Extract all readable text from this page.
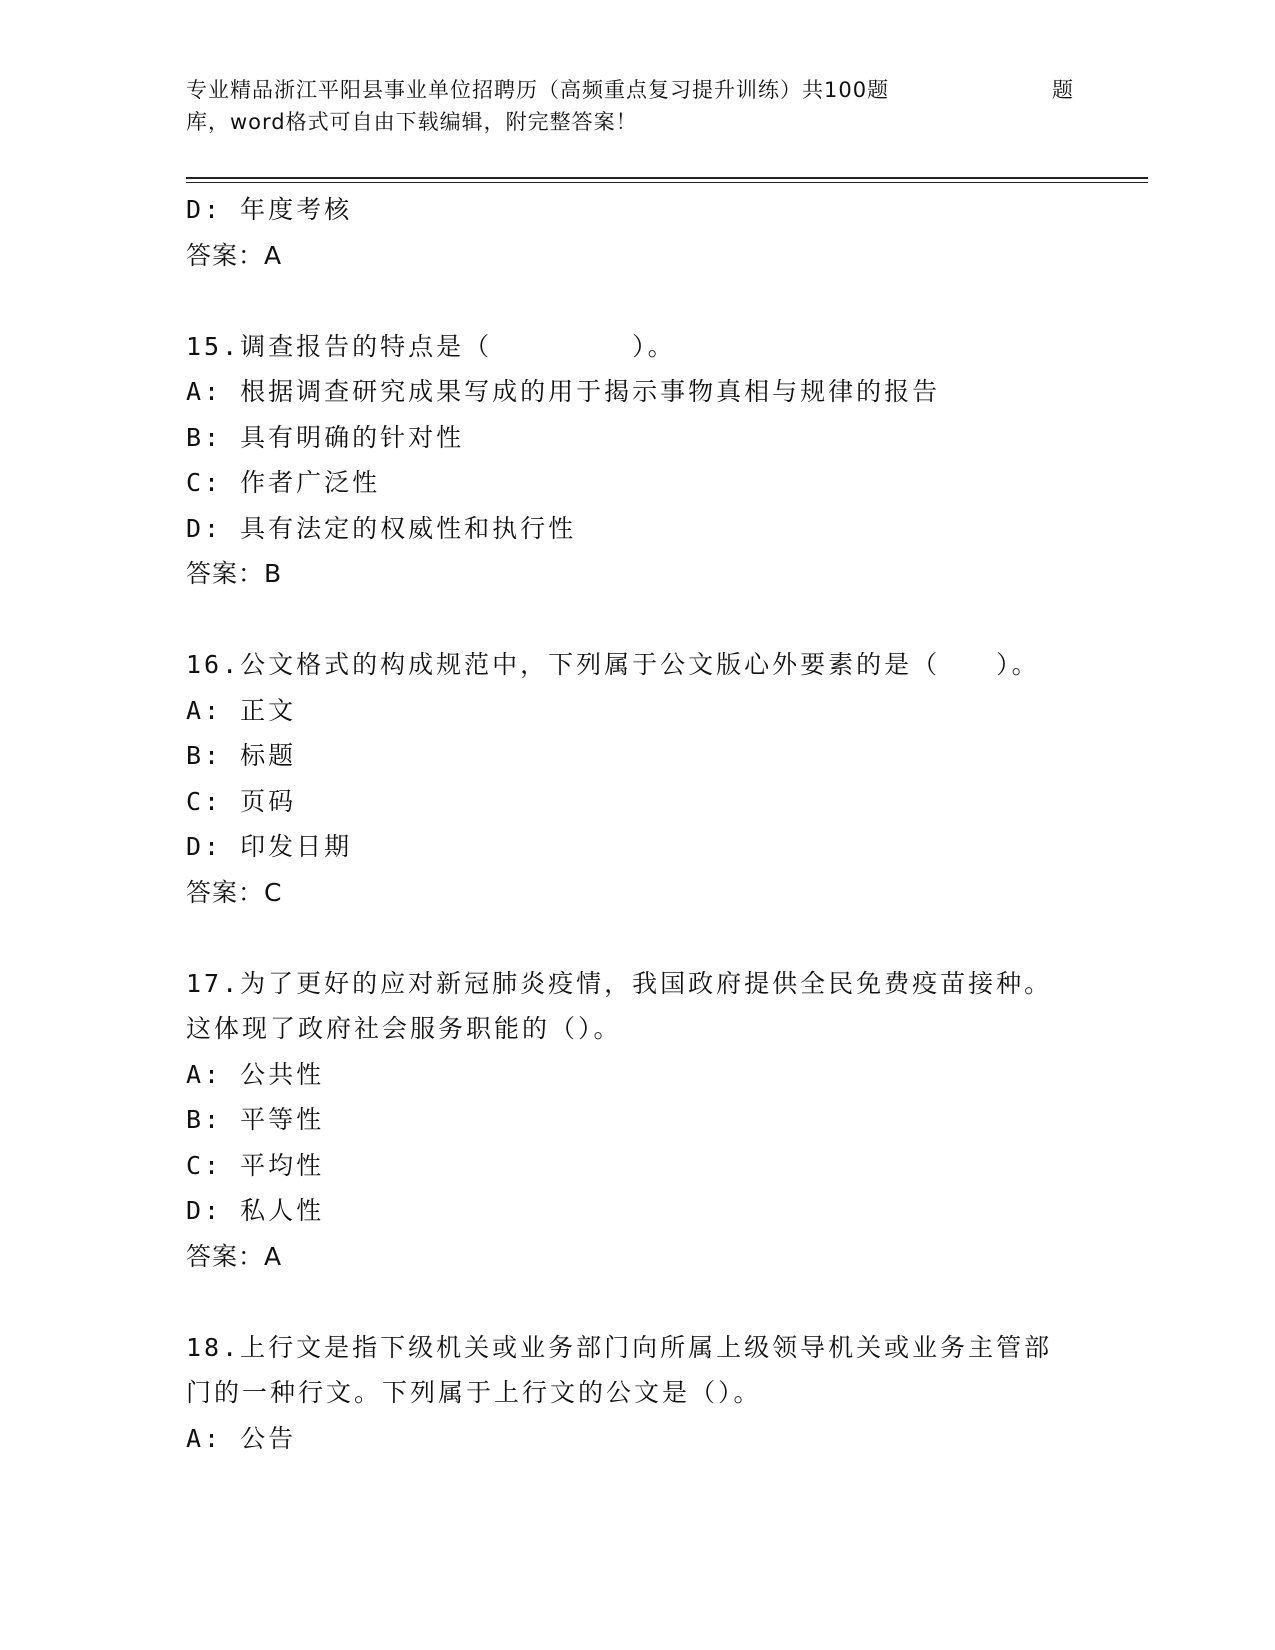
专业精品浙江平阳县事业单位招聘历（高频重点复习提升训练）共100题	题
库，word格式可自由下载编辑，附完整答案！
D: 年度考核
答案：A
15.调查报告的特点是（　　　　　）。
A: 根据调查研究成果写成的用于揭示事物真相与规律的报告
B: 具有明确的针对性
C: 作者广泛性
D: 具有法定的权威性和执行性
答案：B
16.公文格式的构成规范中，下列属于公文版心外要素的是（　　）。
A: 正文
B: 标题
C: 页码
D: 印发日期
答案：C
17.为了更好的应对新冠肺炎疫情，我国政府提供全民免费疫苗接种。
这体现了政府社会服务职能的（）。
A: 公共性
B: 平等性
C: 平均性
D: 私人性
答案：A
18.上行文是指下级机关或业务部门向所属上级领导机关或业务主管部
门的一种行文。下列属于上行文的公文是（）。
A: 公告
